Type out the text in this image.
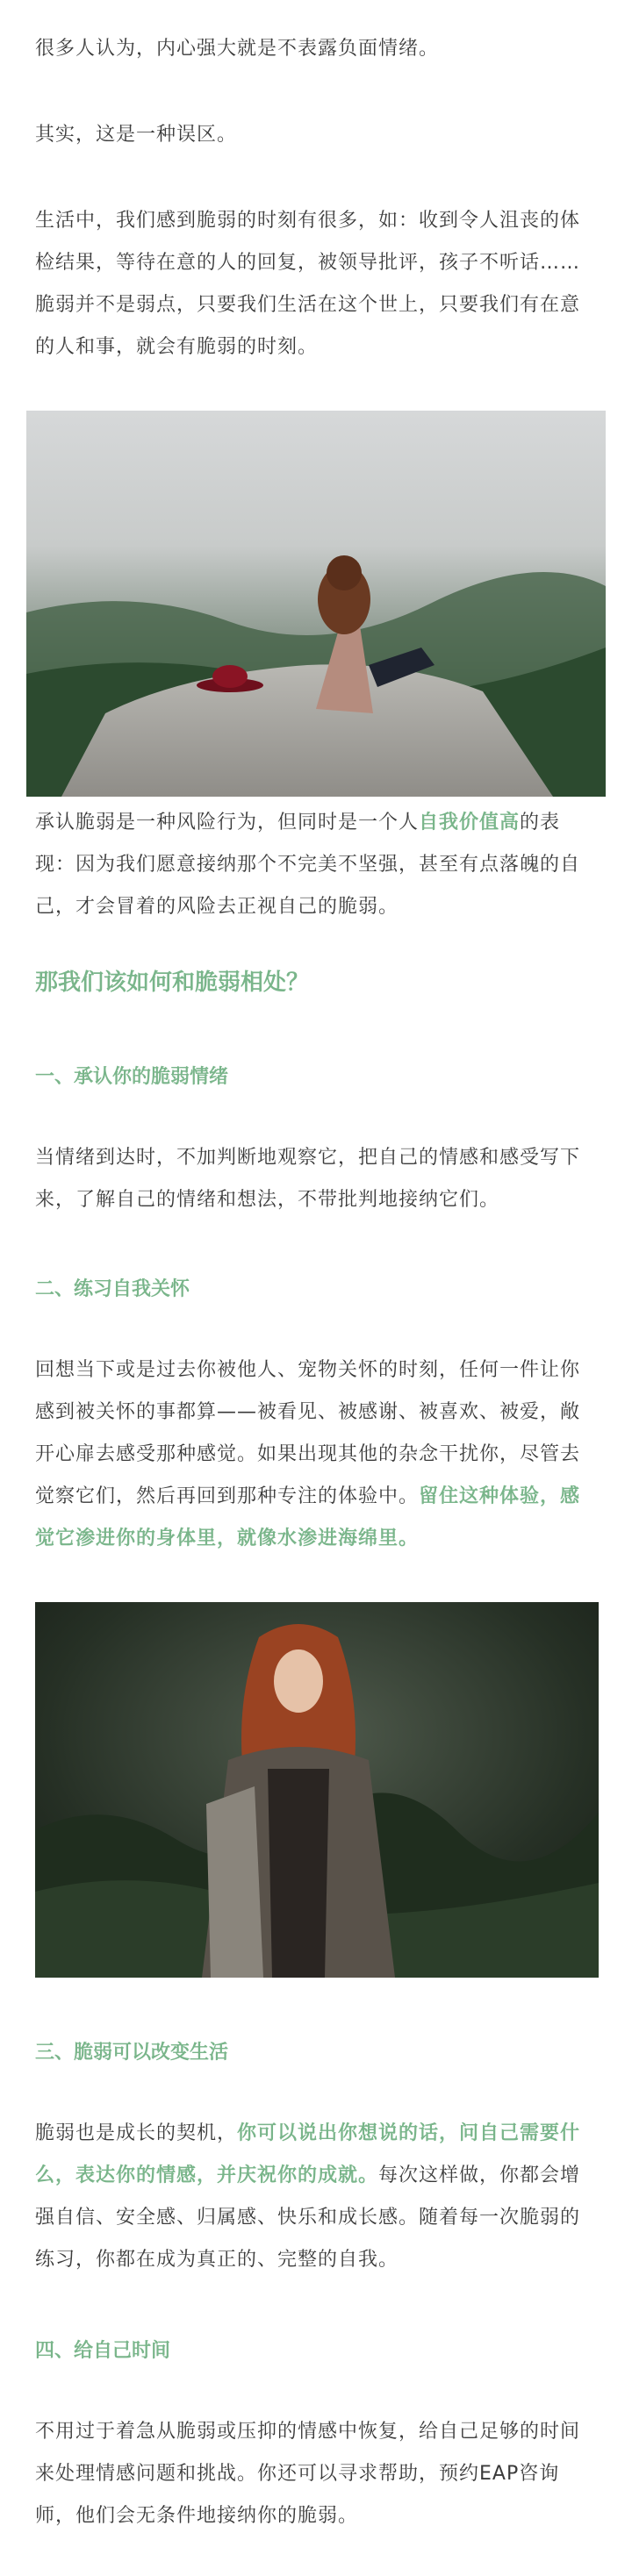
很多人认为，内心强大就是不表露负面情绪。

其实，这是一种误区。

生活中，我们感到脆弱的时刻有很多，如：收到令人沮丧的体检结果，等待在意的人的回复，被领导批评，孩子不听话……脆弱并不是弱点，只要我们生活在这个世上，只要我们有在意的人和事，就会有脆弱的时刻。

承认脆弱是一种风险行为，但同时是一个人自我价值高的表现：因为我们愿意接纳那个不完美不坚强，甚至有点落魄的自己，才会冒着的风险去正视自己的脆弱。

那我们该如何和脆弱相处？
一、承认你的脆弱情绪

当情绪到达时，不加判断地观察它，把自己的情感和感受写下来，了解自己的情绪和想法，不带批判地接纳它们。

二、练习自我关怀

回想当下或是过去你被他人、宠物关怀的时刻，任何一件让你感到被关怀的事都算——被看见、被感谢、被喜欢、被爱，敞开心扉去感受那种感觉。如果出现其他的杂念干扰你，尽管去觉察它们，然后再回到那种专注的体验中。留住这种体验，感觉它渗进你的身体里，就像水渗进海绵里。

三、脆弱可以改变生活

脆弱也是成长的契机，你可以说出你想说的话，问自己需要什么，表达你的情感，并庆祝你的成就。每次这样做，你都会增强自信、安全感、归属感、快乐和成长感。随着每一次脆弱的练习，你都在成为真正的、完整的自我。

四、给自己时间

不用过于着急从脆弱或压抑的情感中恢复，给自己足够的时间来处理情感问题和挑战。你还可以寻求帮助，预约EAP咨询师，他们会无条件地接纳你的脆弱。
